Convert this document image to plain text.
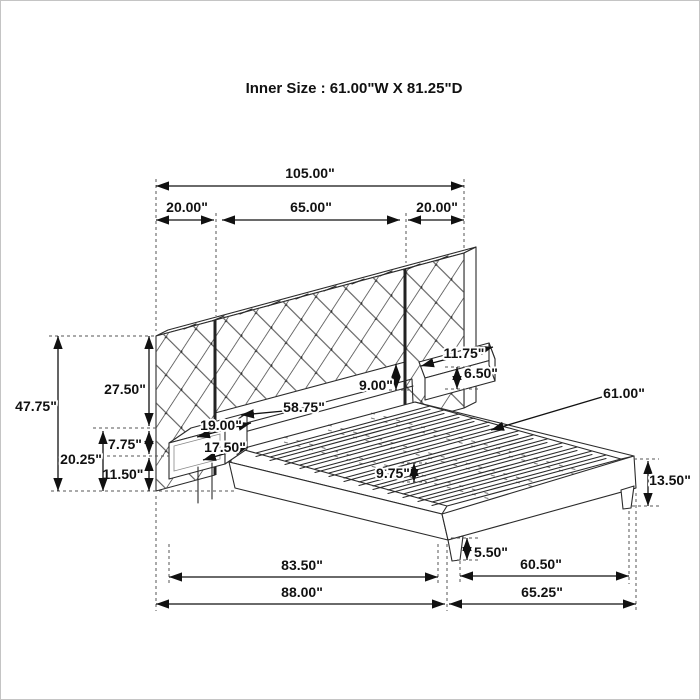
Inner Size : 61.00"W X 81.25"D
105.00"
20.00"	65.00"	20.00"
47.75"
27.50"
7.75"
11.50"
20.25"
58.75"
61.00"
19.00"
17.50"
11.75"
6.50"
9.00"
9.75"	13.50"
5.50"
83.50"	60.50"
88.00"	65.25"
